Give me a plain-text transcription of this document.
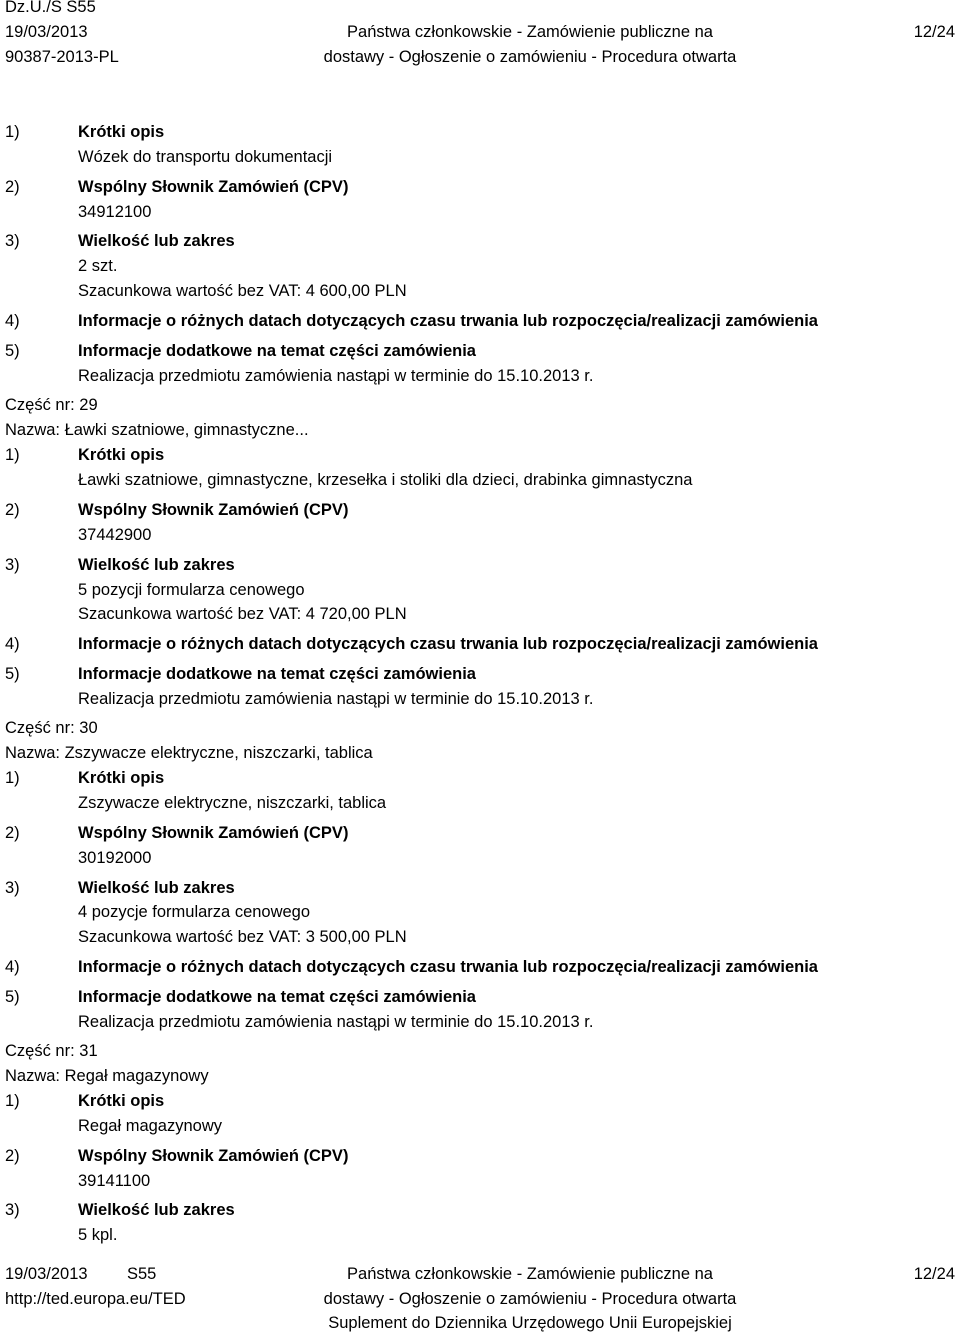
Dz.U./S S55
19/03/2013
90387-2013-PL
Państwa członkowskie - Zamówienie publiczne na
dostawy - Ogłoszenie o zamówieniu - Procedura otwarta
12/24
1)	Krótki opis
Wózek do transportu dokumentacji
2)	Wspólny Słownik Zamówień (CPV)
34912100
3)	Wielkość lub zakres
2 szt.
Szacunkowa wartość bez VAT: 4 600,00 PLN
4)	Informacje o różnych datach dotyczących czasu trwania lub rozpoczęcia/realizacji zamówienia
5)	Informacje dodatkowe na temat części zamówienia
Realizacja przedmiotu zamówienia nastąpi w terminie do 15.10.2013 r.
Część nr: 29
Nazwa: Ławki szatniowe, gimnastyczne...
1)	Krótki opis
Ławki szatniowe, gimnastyczne, krzesełka i stoliki dla dzieci, drabinka gimnastyczna
2)	Wspólny Słownik Zamówień (CPV)
37442900
3)	Wielkość lub zakres
5 pozycji formularza cenowego
Szacunkowa wartość bez VAT: 4 720,00 PLN
4)	Informacje o różnych datach dotyczących czasu trwania lub rozpoczęcia/realizacji zamówienia
5)	Informacje dodatkowe na temat części zamówienia
Realizacja przedmiotu zamówienia nastąpi w terminie do 15.10.2013 r.
Część nr: 30
Nazwa: Zszywacze elektryczne, niszczarki, tablica
1)	Krótki opis
Zszywacze elektryczne, niszczarki, tablica
2)	Wspólny Słownik Zamówień (CPV)
30192000
3)	Wielkość lub zakres
4 pozycje formularza cenowego
Szacunkowa wartość bez VAT: 3 500,00 PLN
4)	Informacje o różnych datach dotyczących czasu trwania lub rozpoczęcia/realizacji zamówienia
5)	Informacje dodatkowe na temat części zamówienia
Realizacja przedmiotu zamówienia nastąpi w terminie do 15.10.2013 r.
Część nr: 31
Nazwa: Regał magazynowy
1)	Krótki opis
Regał magazynowy
2)	Wspólny Słownik Zamówień (CPV)
39141100
3)	Wielkość lub zakres
5 kpl.
19/03/2013 S55
http://ted.europa.eu/TED
Państwa członkowskie - Zamówienie publiczne na
dostawy - Ogłoszenie o zamówieniu - Procedura otwarta
Suplement do Dziennika Urzędowego Unii Europejskiej
12/24
